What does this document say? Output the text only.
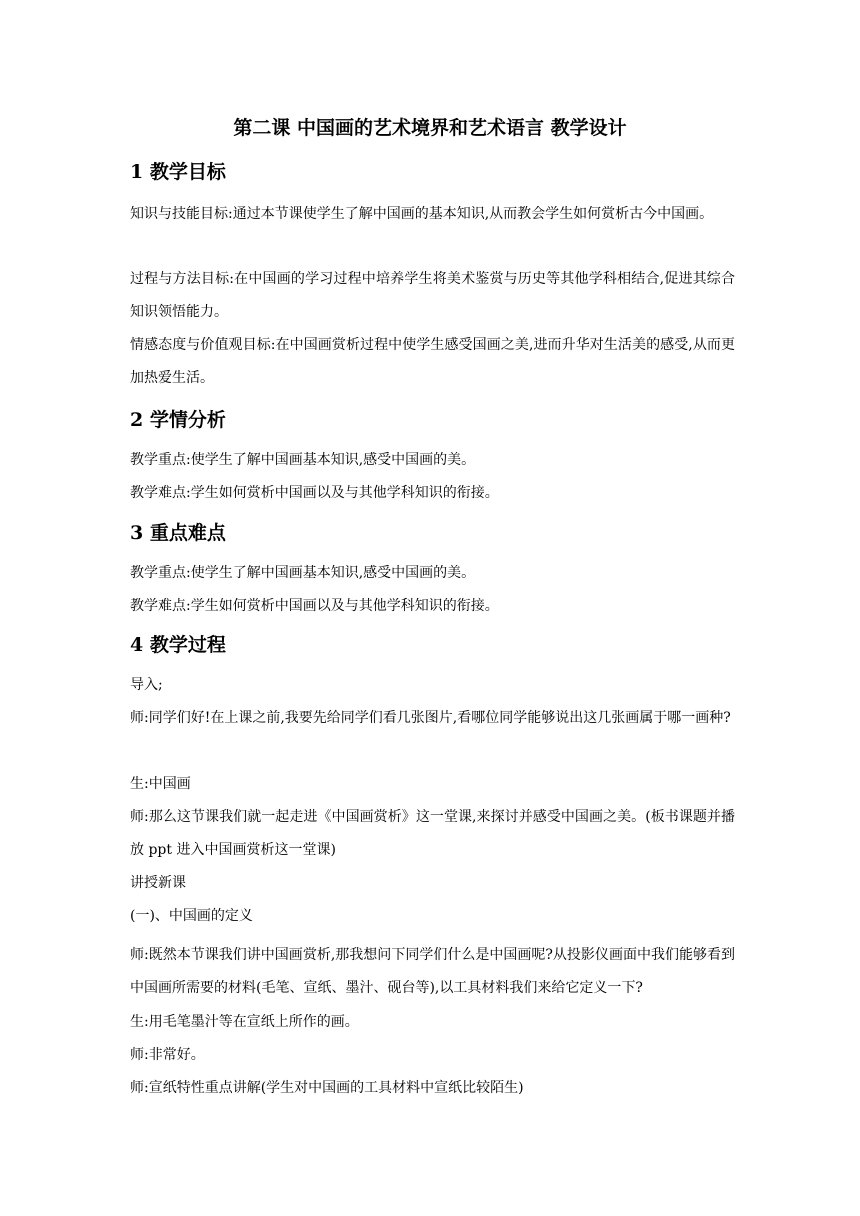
第二课 中国画的艺术境界和艺术语言 教学设计
1 教学目标
知识与技能目标:通过本节课使学生了解中国画的基本知识,从而教会学生如何赏析古今中国画。
过程与方法目标:在中国画的学习过程中培养学生将美术鉴赏与历史等其他学科相结合,促进其综合知识领悟能力。
情感态度与价值观目标:在中国画赏析过程中使学生感受国画之美,进而升华对生活美的感受,从而更加热爱生活。
2 学情分析
教学重点:使学生了解中国画基本知识,感受中国画的美。
教学难点:学生如何赏析中国画以及与其他学科知识的衔接。
3 重点难点
教学重点:使学生了解中国画基本知识,感受中国画的美。
教学难点:学生如何赏析中国画以及与其他学科知识的衔接。
4 教学过程
导入;
师:同学们好!在上课之前,我要先给同学们看几张图片,看哪位同学能够说出这几张画属于哪一画种?
生:中国画
师:那么这节课我们就一起走进《中国画赏析》这一堂课,来探讨并感受中国画之美。(板书课题并播放 ppt 进入中国画赏析这一堂课)
讲授新课
(一)、中国画的定义
师:既然本节课我们讲中国画赏析,那我想问下同学们什么是中国画呢?从投影仪画面中我们能够看到中国画所需要的材料(毛笔、宣纸、墨汁、砚台等),以工具材料我们来给它定义一下?
生:用毛笔墨汁等在宣纸上所作的画。
师:非常好。
师:宣纸特性重点讲解(学生对中国画的工具材料中宣纸比较陌生)
